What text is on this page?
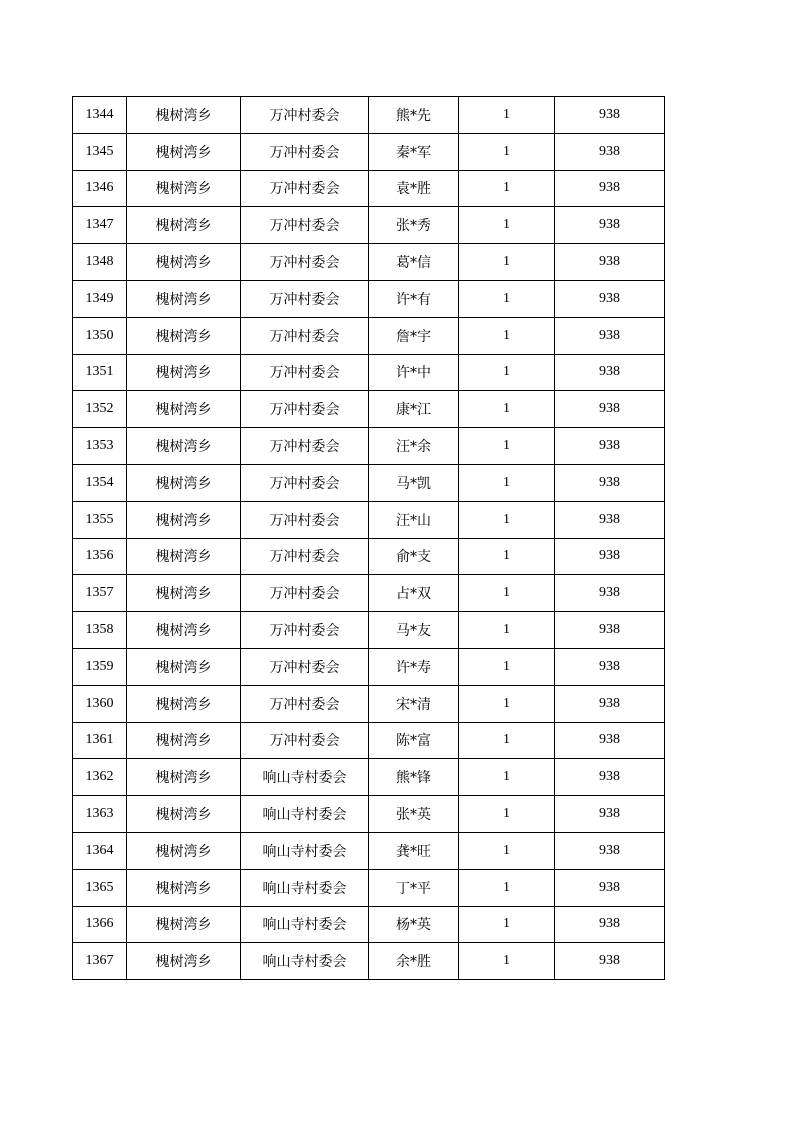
1344	槐树湾乡	万冲村委会	熊*先	1	938
1345	槐树湾乡	万冲村委会	秦*军	1	938
1346	槐树湾乡	万冲村委会	袁*胜	1	938
1347	槐树湾乡	万冲村委会	张*秀	1	938
1348	槐树湾乡	万冲村委会	葛*信	1	938
1349	槐树湾乡	万冲村委会	许*有	1	938
1350	槐树湾乡	万冲村委会	詹*宇	1	938
1351	槐树湾乡	万冲村委会	许*中	1	938
1352	槐树湾乡	万冲村委会	康*江	1	938
1353	槐树湾乡	万冲村委会	汪*余	1	938
1354	槐树湾乡	万冲村委会	马*凯	1	938
1355	槐树湾乡	万冲村委会	汪*山	1	938
1356	槐树湾乡	万冲村委会	俞*支	1	938
1357	槐树湾乡	万冲村委会	占*双	1	938
1358	槐树湾乡	万冲村委会	马*友	1	938
1359	槐树湾乡	万冲村委会	许*寿	1	938
1360	槐树湾乡	万冲村委会	宋*清	1	938
1361	槐树湾乡	万冲村委会	陈*富	1	938
1362	槐树湾乡	响山寺村委会	熊*锋	1	938
1363	槐树湾乡	响山寺村委会	张*英	1	938
1364	槐树湾乡	响山寺村委会	龚*旺	1	938
1365	槐树湾乡	响山寺村委会	丁*平	1	938
1366	槐树湾乡	响山寺村委会	杨*英	1	938
1367	槐树湾乡	响山寺村委会	余*胜	1	938
